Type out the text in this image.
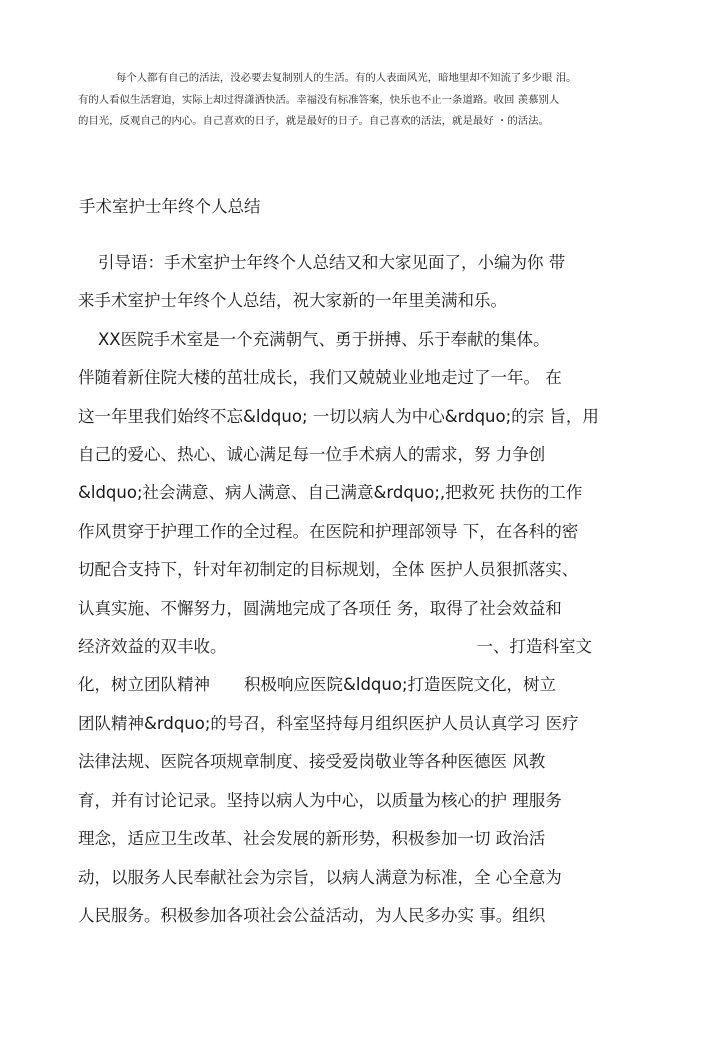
每个人都有自己的活法，没必要去复制别人的生活。有的人表面风光，暗地里却不知流了多少眼 泪。
有的人看似生活窘迫，实际上却过得潇洒快活。幸福没有标准答案，快乐也不止一条道路。收回 羡慕别人
的目光，反观自己的内心。自己喜欢的日子，就是最好的日子。自己喜欢的活法，就是最好 ・的活法。
手术室护士年终个人总结
引导语：手术室护士年终个人总结又和大家见面了，小编为你 带
来手术室护士年终个人总结，祝大家新的一年里美满和乐。
XX医院手术室是一个充满朝气、勇于拼搏、乐于奉献的集体。
伴随着新住院大楼的茁壮成长，我们又兢兢业业地走过了一年。 在
这一年里我们始终不忘&ldquo; 一切以病人为中心&rdquo;的宗 旨，用
自己的爱心、热心、诚心满足每一位手术病人的需求，努 力争创
&ldquo;社会满意、病人满意、自己满意&rdquo;,把救死 扶伤的工作
作风贯穿于护理工作的全过程。在医院和护理部领导 下，在各科的密
切配合支持下，针对年初制定的目标规划，全体 医护人员狠抓落实、
认真实施、不懈努力，圆满地完成了各项任 务，取得了社会效益和
经济效益的双丰收。	一、打造科室文
化，树立团队精神 积极响应医院&ldquo;打造医院文化，树立
团队精神&rdquo;的号召，科室坚持每月组织医护人员认真学习 医疗
法律法规、医院各项规章制度、接受爱岗敬业等各种医德医 风教
育，并有讨论记录。坚持以病人为中心，以质量为核心的护 理服务
理念，适应卫生改革、社会发展的新形势，积极参加一切 政治活
动，以服务人民奉献社会为宗旨，以病人满意为标准，全 心全意为
人民服务。积极参加各项社会公益活动，为人民多办实 事。组织
